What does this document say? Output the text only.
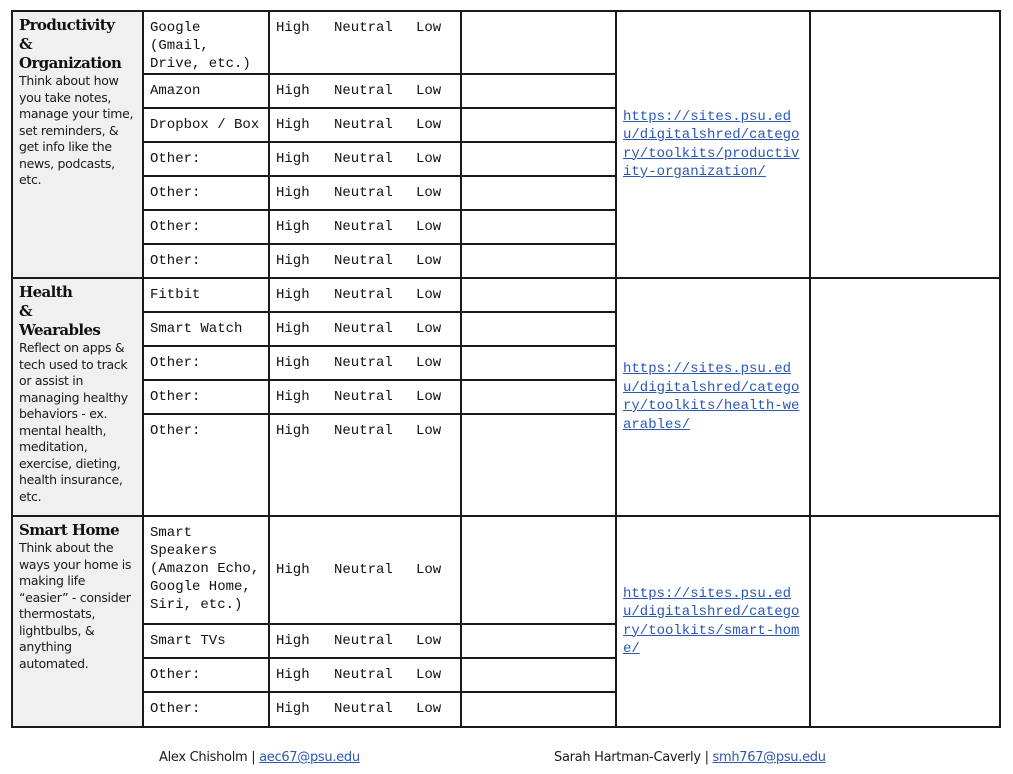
Productivity
&
Organization
Think about how you take notes, manage your time, set reminders, & get info like the news, podcasts, etc.	Google (Gmail, Drive, etc.)	High Neutral Low		https://sites.psu.edu/digitalshred/category/toolkits/productivity-organization/	

	Amazon	High Neutral Low			
	Dropbox / Box	High Neutral Low			
	Other:	High Neutral Low			
	Other:	High Neutral Low			
	Other:	High Neutral Low			
	Other:	High Neutral Low			

Health
&
Wearables
Reflect on apps & tech used to track or assist in managing healthy behaviors - ex. mental health, meditation, exercise, dieting, health insurance, etc.	Fitbit	High Neutral Low		https://sites.psu.edu/digitalshred/category/toolkits/health-wearables/	

	Smart Watch	High Neutral Low			
	Other:	High Neutral Low			
	Other:	High Neutral Low			
	Other:	High Neutral Low			

Smart Home
Think about the ways your home is making life “easier” - consider thermostats, lightbulbs, & anything automated.	Smart Speakers (Amazon Echo, Google Home, Siri, etc.)	High Neutral Low		https://sites.psu.edu/digitalshred/category/toolkits/smart-home/	

	Smart TVs	High Neutral Low			
	Other:	High Neutral Low			
	Other:	High Neutral Low			
Alex Chisholm | aec67@psu.edu	Sarah Hartman-Caverly | smh767@psu.edu
